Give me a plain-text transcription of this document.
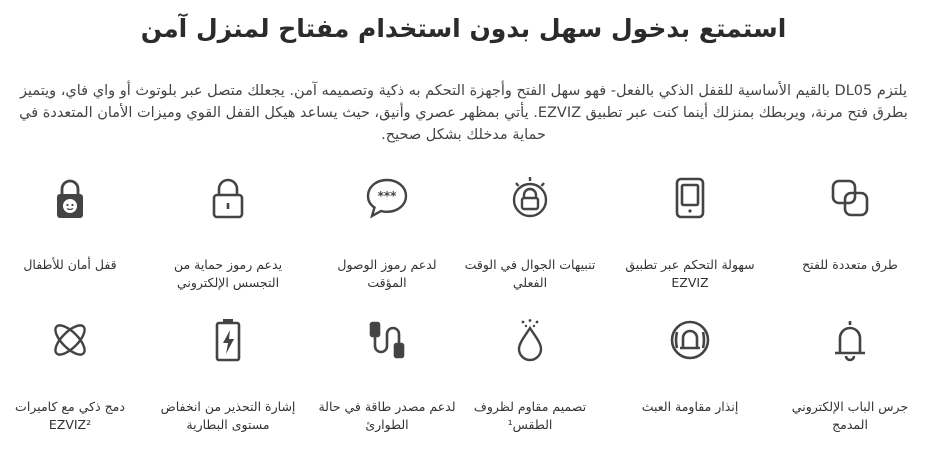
استمتع بدخول سهل بدون استخدام مفتاح لمنزل آمن

يلتزم DL05 بالقيم الأساسية للقفل الذكي بالفعل- فهو سهل الفتح وأجهزة التحكم به ذكية وتصميمه آمن. يجعلك متصل عبر بلوتوث أو واي فاي، ويتميز بطرق فتح مرنة، ويربطك بمنزلك أينما كنت عبر تطبيق EZVIZ. يأتي بمظهر عصري وأنيق، حيث يساعد هيكل القفل القوي وميزات الأمان المتعددة في حماية مدخلك بشكل صحيح.

طرق متعددة للفتح
سهولة التحكم عبر تطبيق EZVIZ
تنبيهات الجوال في الوقت الفعلي
***
لدعم رموز الوصول المؤقت
يدعم رموز حماية من التجسس الإلكتروني
قفل أمان للأطفال
جرس الباب الإلكتروني المدمج
إنذار مقاومة العبث
تصميم مقاوم لظروف الطقس¹
لدعم مصدر طاقة في حالة الطوارئ
إشارة التحذير من انخفاض مستوى البطارية
دمج ذكي مع كاميرات EZVIZ²
